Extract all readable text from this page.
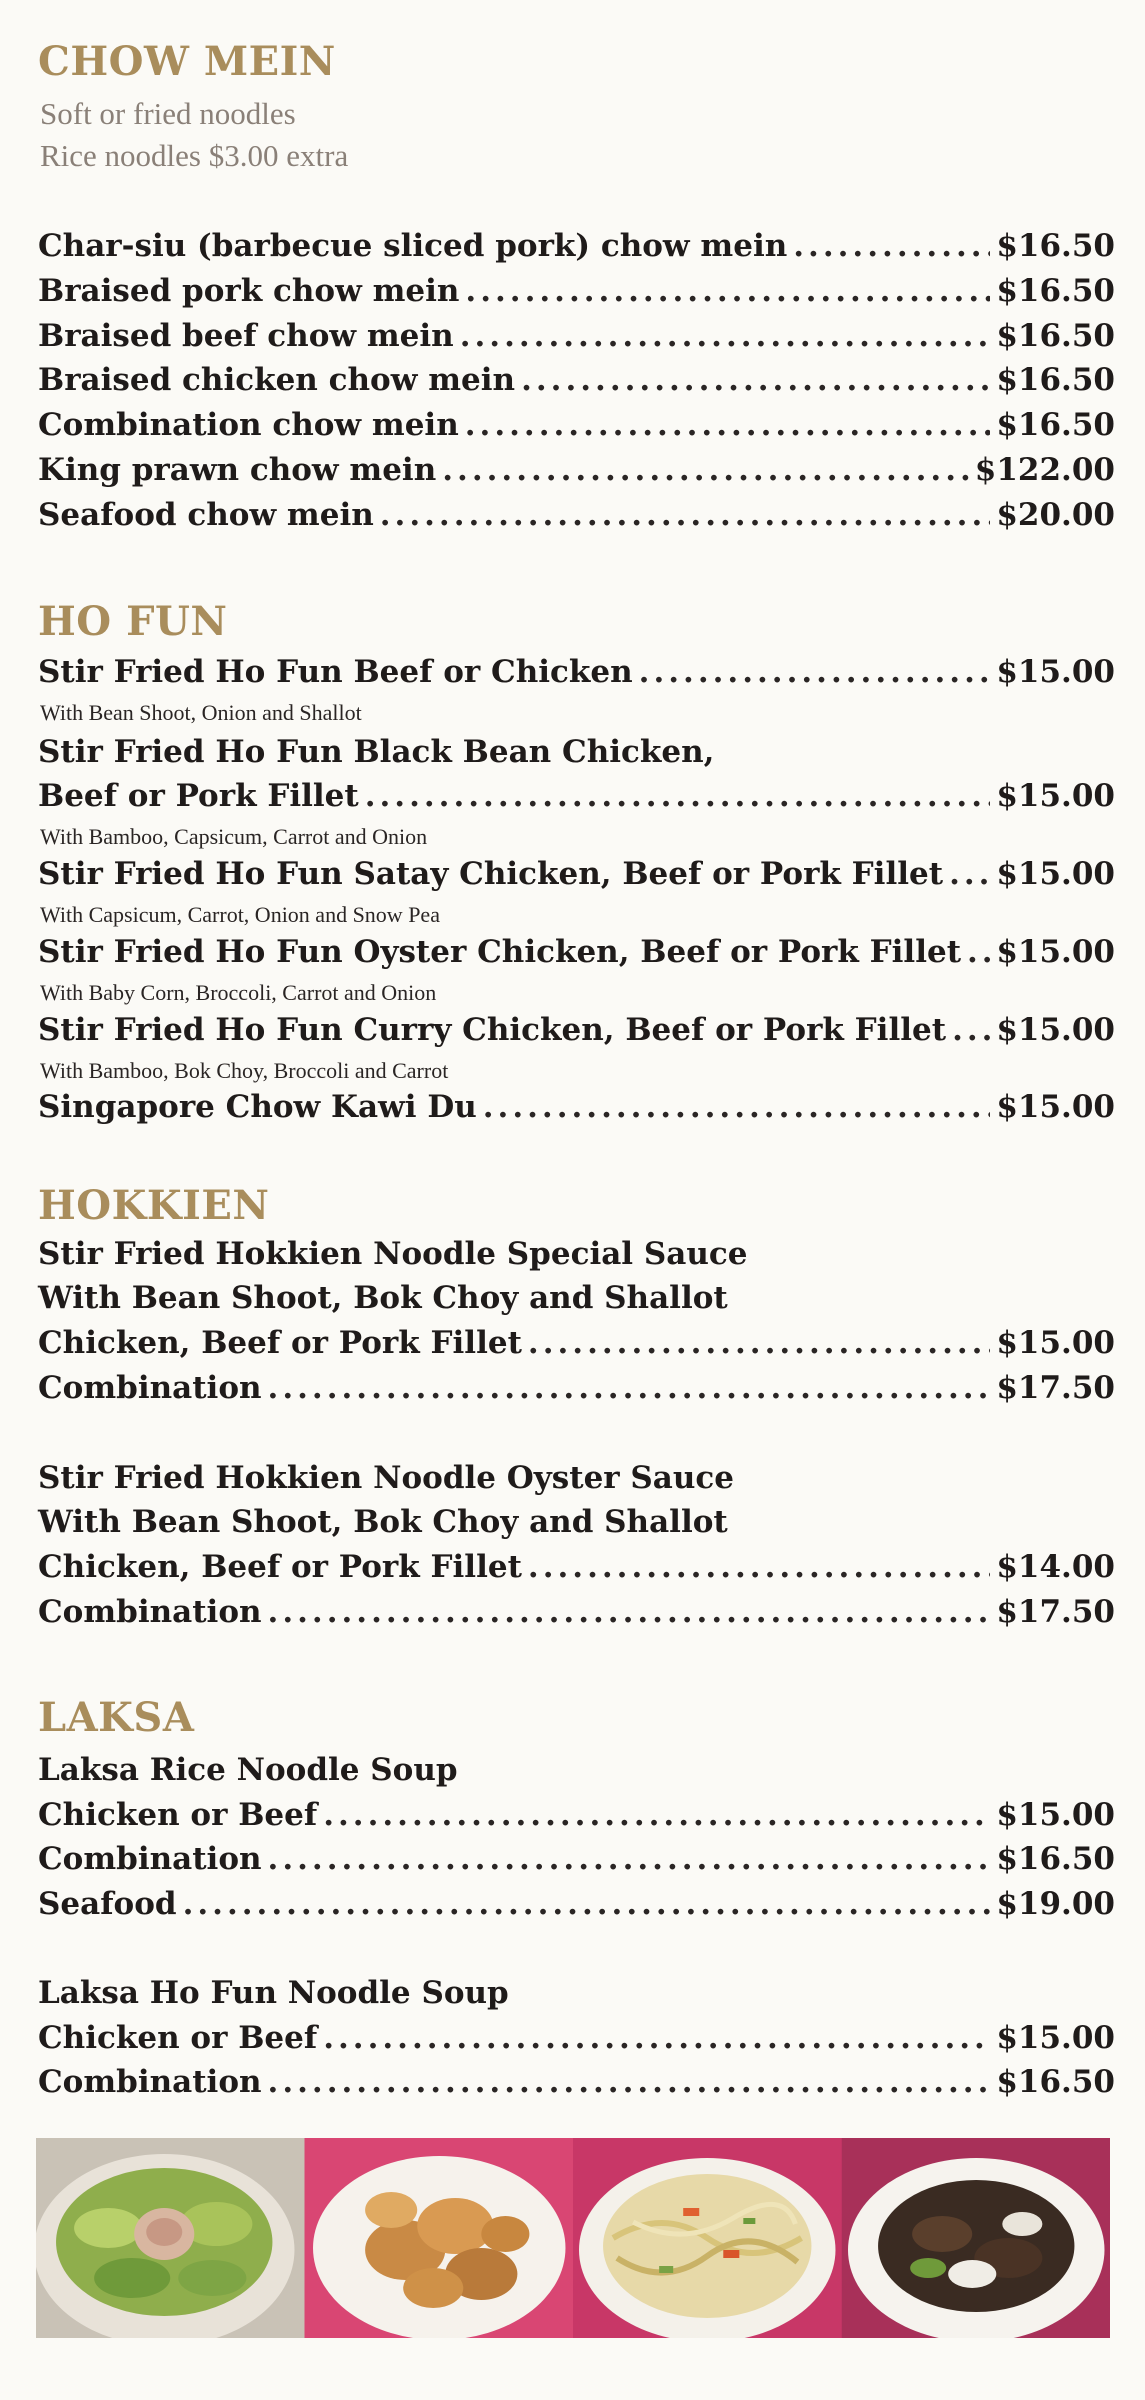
CHOW MEIN
Soft or fried noodles
Rice noodles $3.00 extra
Char-siu (barbecue sliced pork) chow mein .....	$16.50
Braised pork chow mein .....	$16.50
Braised beef chow mein .....	$16.50
Braised chicken chow mein .....	$16.50
Combination chow mein .....	$16.50
King prawn chow mein .....	$122.00
Seafood chow mein .....	$20.00
HO FUN
Stir Fried Ho Fun Beef or Chicken .....	$15.00
With Bean Shoot, Onion and Shallot
Stir Fried Ho Fun Black Bean Chicken,
Beef or Pork Fillet .....	$15.00
With Bamboo, Capsicum, Carrot and Onion
Stir Fried Ho Fun Satay Chicken, Beef or Pork Fillet ..... $15.00
With Capsicum, Carrot, Onion and Snow Pea
Stir Fried Ho Fun Oyster Chicken, Beef or Pork Fillet ..... $15.00
With Baby Corn, Broccoli, Carrot and Onion
Stir Fried Ho Fun Curry Chicken, Beef or Pork Fillet ..... $15.00
With Bamboo, Bok Choy, Broccoli and Carrot
Singapore Chow Kawi Du .....	$15.00
HOKKIEN
Stir Fried Hokkien Noodle Special Sauce
With Bean Shoot, Bok Choy and Shallot
Chicken, Beef or Pork Fillet .....	$15.00
Combination .....	$17.50
Stir Fried Hokkien Noodle Oyster Sauce
With Bean Shoot, Bok Choy and Shallot
Chicken, Beef or Pork Fillet .....	$14.00
Combination .....	$17.50
LAKSA
Laksa Rice Noodle Soup
Chicken or Beef .....	$15.00
Combination .....	$16.50
Seafood .....	$19.00
Laksa Ho Fun Noodle Soup
Chicken or Beef .....	$15.00
Combination .....	$16.50
